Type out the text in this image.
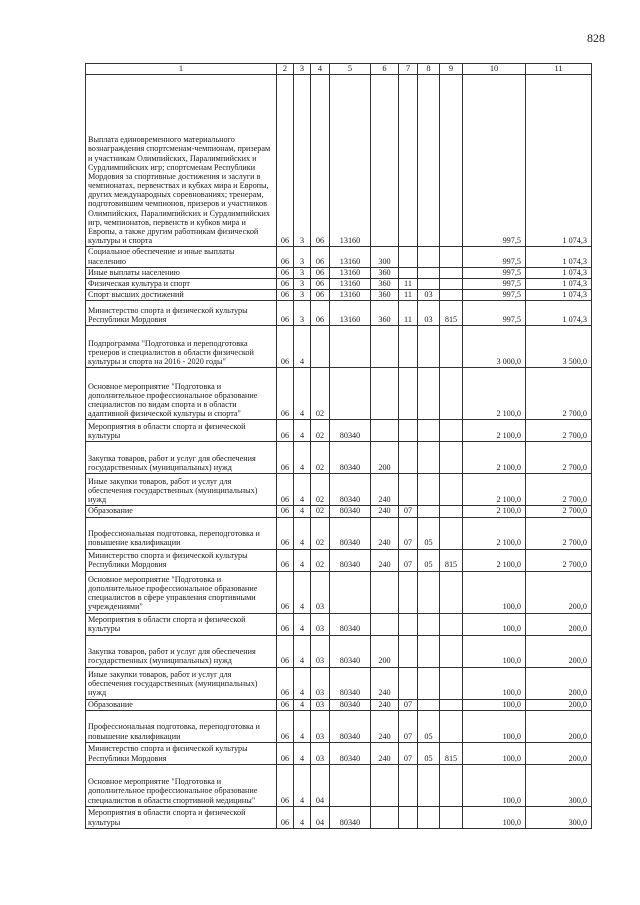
828
1	2	3	4	5	6	7	8	9	10	11
Выплата единовременного материального вознаграждения спортсменам-чемпионам, призерам и участникам Олимпийских, Паралимпийских и Сурдлимпийских игр; спортсменам Республики Мордовия за спортивные достижения и заслуги в чемпионатах, первенствах и кубках мира и Европы, других международных соревнованиях; тренерам, подготовившим чемпионов, призеров и участников Олимпийских, Паралимпийских и Сурдлимпийских игр, чемпионатов, первенств и кубков мира и Европы, а также другим работникам физической культуры и спорта	06	3	06	13160					997,5	1 074,3
Социальное обеспечение и иные выплаты населению	06	3	06	13160	300				997,5	1 074,3
Иные выплаты населению	06	3	06	13160	360				997,5	1 074,3
Физическая культура и спорт	06	3	06	13160	360	11			997,5	1 074,3
Спорт высших достижений	06	3	06	13160	360	11	03		997,5	1 074,3
Министерство спорта и физической культуры Республики Мордовия	06	3	06	13160	360	11	03	815	997,5	1 074,3
Подпрограмма "Подготовка и переподготовка тренеров и специалистов в области физической культуры и спорта на 2016 - 2020 годы"	06	4							3 000,0	3 500,0
Основное мероприятие "Подготовка и дополнительное профессиональное образование специалистов по видам спорта и в области адаптивной физической культуры и спорта"	06	4	02						2 100,0	2 700,0
Мероприятия в области спорта и физической культуры	06	4	02	80340					2 100,0	2 700,0
Закупка товаров, работ и услуг для обеспечения государственных (муниципальных) нужд	06	4	02	80340	200				2 100,0	2 700,0
Иные закупки товаров, работ и услуг для обеспечения государственных (муниципальных) нужд	06	4	02	80340	240				2 100,0	2 700,0
Образование	06	4	02	80340	240	07			2 100,0	2 700,0
Профессиональная подготовка, переподготовка и повышение квалификации	06	4	02	80340	240	07	05		2 100,0	2 700,0
Министерство спорта и физической культуры Республики Мордовия	06	4	02	80340	240	07	05	815	2 100,0	2 700,0
Основное мероприятие "Подготовка и дополнительное профессиональное образование специалистов в сфере управления спортивными учреждениями"	06	4	03						100,0	200,0
Мероприятия в области спорта и физической культуры	06	4	03	80340					100,0	200,0
Закупка товаров, работ и услуг для обеспечения государственных (муниципальных) нужд	06	4	03	80340	200				100,0	200,0
Иные закупки товаров, работ и услуг для обеспечения государственных (муниципальных) нужд	06	4	03	80340	240				100,0	200,0
Образование	06	4	03	80340	240	07			100,0	200,0
Профессиональная подготовка, переподготовка и повышение квалификации	06	4	03	80340	240	07	05		100,0	200,0
Министерство спорта и физической культуры Республики Мордовия	06	4	03	80340	240	07	05	815	100,0	200,0
Основное мероприятие "Подготовка и дополнительное профессиональное образование специалистов в области спортивной медицины"	06	4	04						100,0	300,0
Мероприятия в области спорта и физической культуры	06	4	04	80340					100,0	300,0
